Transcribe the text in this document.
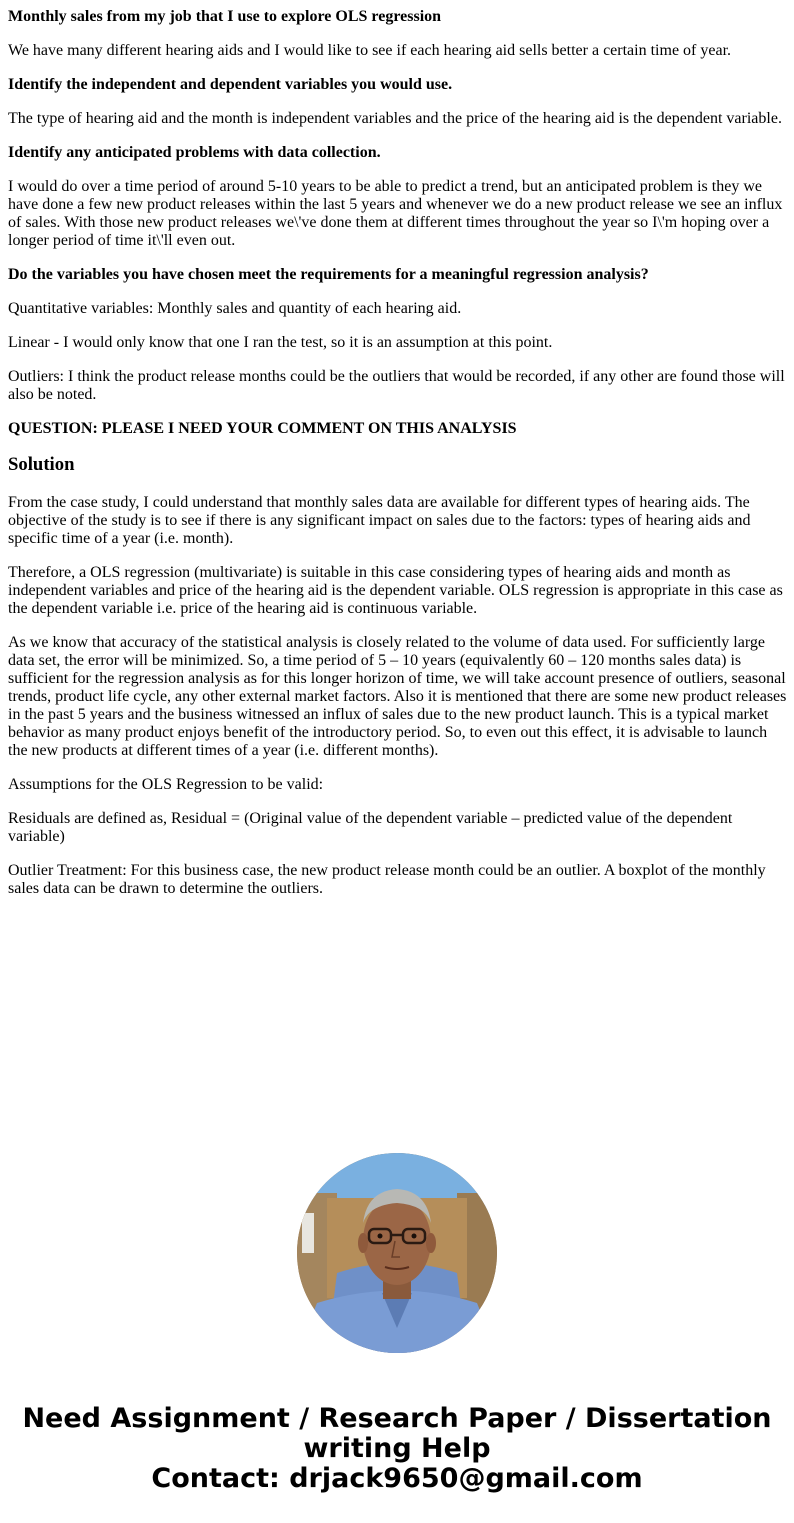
Monthly sales from my job that I use to explore OLS regression

We have many different hearing aids and I would like to see if each hearing aid sells better a certain time of year.

Identify the independent and dependent variables you would use.

The type of hearing aid and the month is independent variables and the price of the hearing aid is the dependent variable.

Identify any anticipated problems with data collection.

I would do over a time period of around 5-10 years to be able to predict a trend, but an anticipated problem is they we have done a few new product releases within the last 5 years and whenever we do a new product release we see an influx of sales. With those new product releases we\'ve done them at different times throughout the year so I\'m hoping over a longer period of time it\'ll even out.

Do the variables you have chosen meet the requirements for a meaningful regression analysis?

Quantitative variables: Monthly sales and quantity of each hearing aid.

Linear - I would only know that one I ran the test, so it is an assumption at this point.

Outliers: I think the product release months could be the outliers that would be recorded, if any other are found those will also be noted.

QUESTION: PLEASE I NEED YOUR COMMENT ON THIS ANALYSIS

Solution

From the case study, I could understand that monthly sales data are available for different types of hearing aids. The objective of the study is to see if there is any significant impact on sales due to the factors: types of hearing aids and specific time of a year (i.e. month).

Therefore, a OLS regression (multivariate) is suitable in this case considering types of hearing aids and month as independent variables and price of the hearing aid is the dependent variable. OLS regression is appropriate in this case as the dependent variable i.e. price of the hearing aid is continuous variable.

As we know that accuracy of the statistical analysis is closely related to the volume of data used. For sufficiently large data set, the error will be minimized. So, a time period of 5 – 10 years (equivalently 60 – 120 months sales data) is sufficient for the regression analysis as for this longer horizon of time, we will take account presence of outliers, seasonal trends, product life cycle, any other external market factors. Also it is mentioned that there are some new product releases in the past 5 years and the business witnessed an influx of sales due to the new product launch. This is a typical market behavior as many product enjoys benefit of the introductory period. So, to even out this effect, it is advisable to launch the new products at different times of a year (i.e. different months).

Assumptions for the OLS Regression to be valid:

Residuals are defined as, Residual = (Original value of the dependent variable – predicted value of the dependent variable)

Outlier Treatment: For this business case, the new product release month could be an outlier. A boxplot of the monthly sales data can be drawn to determine the outliers.

Need Assignment / Research Paper / Dissertation
writing Help
Contact: drjack9650@gmail.com
